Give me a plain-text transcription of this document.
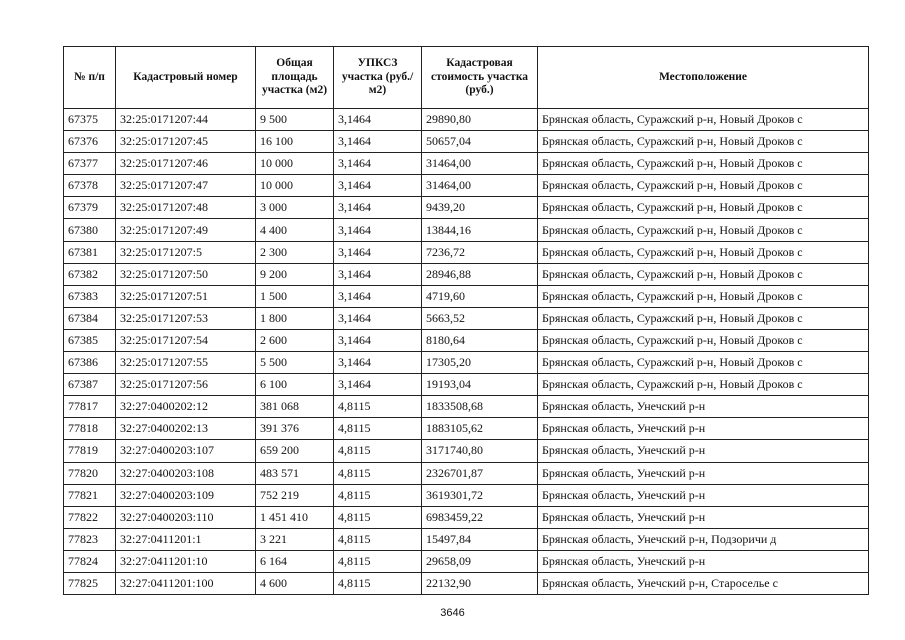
№ п/п	Кадастровый номер	Общая площадь участка (м2)	УПКСЗ участка (руб./м2)	Кадастровая стоимость участка (руб.)	Местоположение
67375	32:25:0171207:44	9 500	3,1464	29890,80	Брянская область, Суражский р-н, Новый Дроков с
67376	32:25:0171207:45	16 100	3,1464	50657,04	Брянская область, Суражский р-н, Новый Дроков с
67377	32:25:0171207:46	10 000	3,1464	31464,00	Брянская область, Суражский р-н, Новый Дроков с
67378	32:25:0171207:47	10 000	3,1464	31464,00	Брянская область, Суражский р-н, Новый Дроков с
67379	32:25:0171207:48	3 000	3,1464	9439,20	Брянская область, Суражский р-н, Новый Дроков с
67380	32:25:0171207:49	4 400	3,1464	13844,16	Брянская область, Суражский р-н, Новый Дроков с
67381	32:25:0171207:5	2 300	3,1464	7236,72	Брянская область, Суражский р-н, Новый Дроков с
67382	32:25:0171207:50	9 200	3,1464	28946,88	Брянская область, Суражский р-н, Новый Дроков с
67383	32:25:0171207:51	1 500	3,1464	4719,60	Брянская область, Суражский р-н, Новый Дроков с
67384	32:25:0171207:53	1 800	3,1464	5663,52	Брянская область, Суражский р-н, Новый Дроков с
67385	32:25:0171207:54	2 600	3,1464	8180,64	Брянская область, Суражский р-н, Новый Дроков с
67386	32:25:0171207:55	5 500	3,1464	17305,20	Брянская область, Суражский р-н, Новый Дроков с
67387	32:25:0171207:56	6 100	3,1464	19193,04	Брянская область, Суражский р-н, Новый Дроков с
77817	32:27:0400202:12	381 068	4,8115	1833508,68	Брянская область, Унечский р-н
77818	32:27:0400202:13	391 376	4,8115	1883105,62	Брянская область, Унечский р-н
77819	32:27:0400203:107	659 200	4,8115	3171740,80	Брянская область, Унечский р-н
77820	32:27:0400203:108	483 571	4,8115	2326701,87	Брянская область, Унечский р-н
77821	32:27:0400203:109	752 219	4,8115	3619301,72	Брянская область, Унечский р-н
77822	32:27:0400203:110	1 451 410	4,8115	6983459,22	Брянская область, Унечский р-н
77823	32:27:0411201:1	3 221	4,8115	15497,84	Брянская область, Унечский р-н, Подзоричи д
77824	32:27:0411201:10	6 164	4,8115	29658,09	Брянская область, Унечский р-н
77825	32:27:0411201:100	4 600	4,8115	22132,90	Брянская область, Унечский р-н, Староселье с
3646
